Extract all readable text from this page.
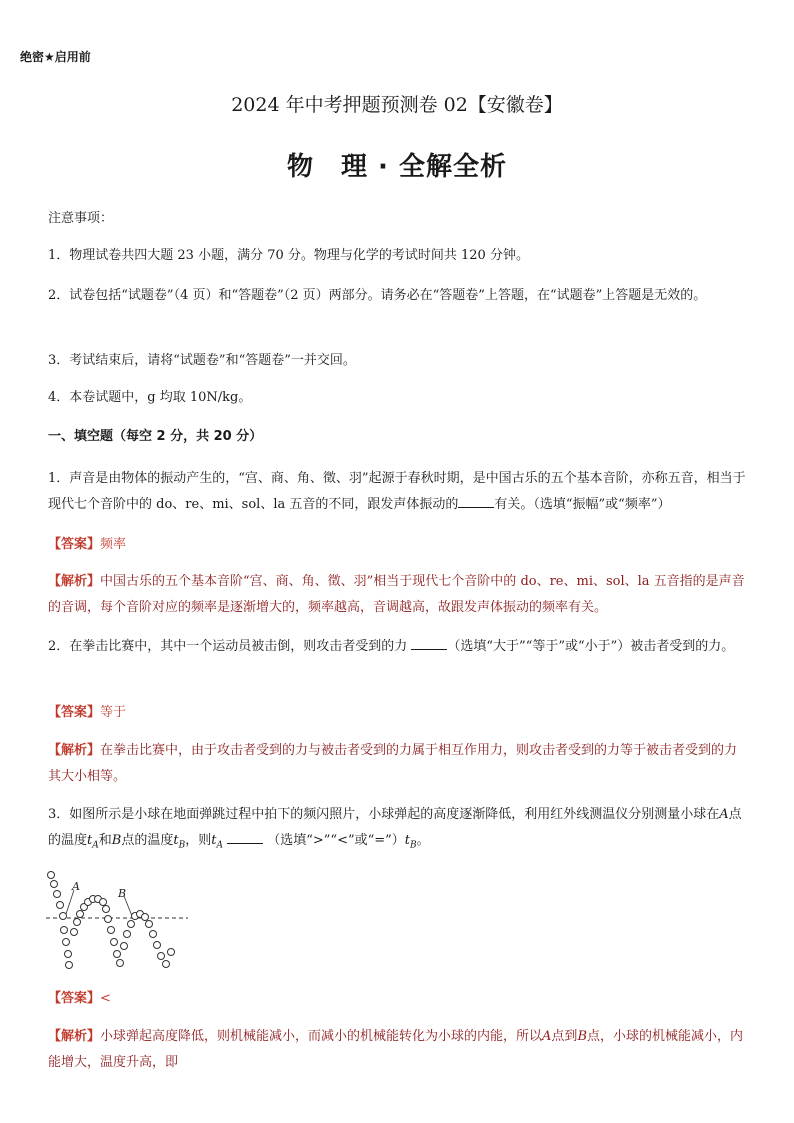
绝密★启用前
2024 年中考押题预测卷 02【安徽卷】
物　理 · 全解全析
注意事项：
1．物理试卷共四大题 23 小题，满分 70 分。物理与化学的考试时间共 120 分钟。
2．试卷包括“试题卷”（4 页）和“答题卷”（2 页）两部分。请务必在“答题卷”上答题，在“试题卷”上答题是无效的。
3．考试结束后，请将“试题卷”和“答题卷”一并交回。
4．本卷试题中，g 均取 10N/kg。
一、填空题（每空 2 分，共 20 分）
1．声音是由物体的振动产生的，“宫、商、角、徵、羽”起源于春秋时期，是中国古乐的五个基本音阶，亦称五音，相当于现代七个音阶中的 do、re、mi、sol、la 五音的不同，跟发声体振动的	有关。（选填“振幅”或“频率”）
【答案】频率
【解析】中国古乐的五个基本音阶“宫、商、角、徵、羽”相当于现代七个音阶中的 do、re、mi、sol、la 五音指的是声音的音调，每个音阶对应的频率是逐渐增大的，频率越高，音调越高，故跟发声体振动的频率有关。
2．在拳击比赛中，其中一个运动员被击倒，则攻击者受到的力	（选填“大于”“等于”或“小于”）被击者受到的力。
【答案】等于
【解析】在拳击比赛中，由于攻击者受到的力与被击者受到的力属于相互作用力，则攻击者受到的力等于被击者受到的力其大小相等。
3．如图所示是小球在地面弹跳过程中拍下的频闪照片，小球弹起的高度逐渐降低，利用红外线测温仪分别测量小球在A点的温度$t_A$和B点的温度$t_B$，则$t_A$	（选填“>”“<”或“$=”)t_B$。
A
B
【答案】<
【解析】小球弹起高度降低，则机械能减小，而减小的机械能转化为小球的内能，所以A点到B点，小球的机械能减小，内能增大，温度升高，即
